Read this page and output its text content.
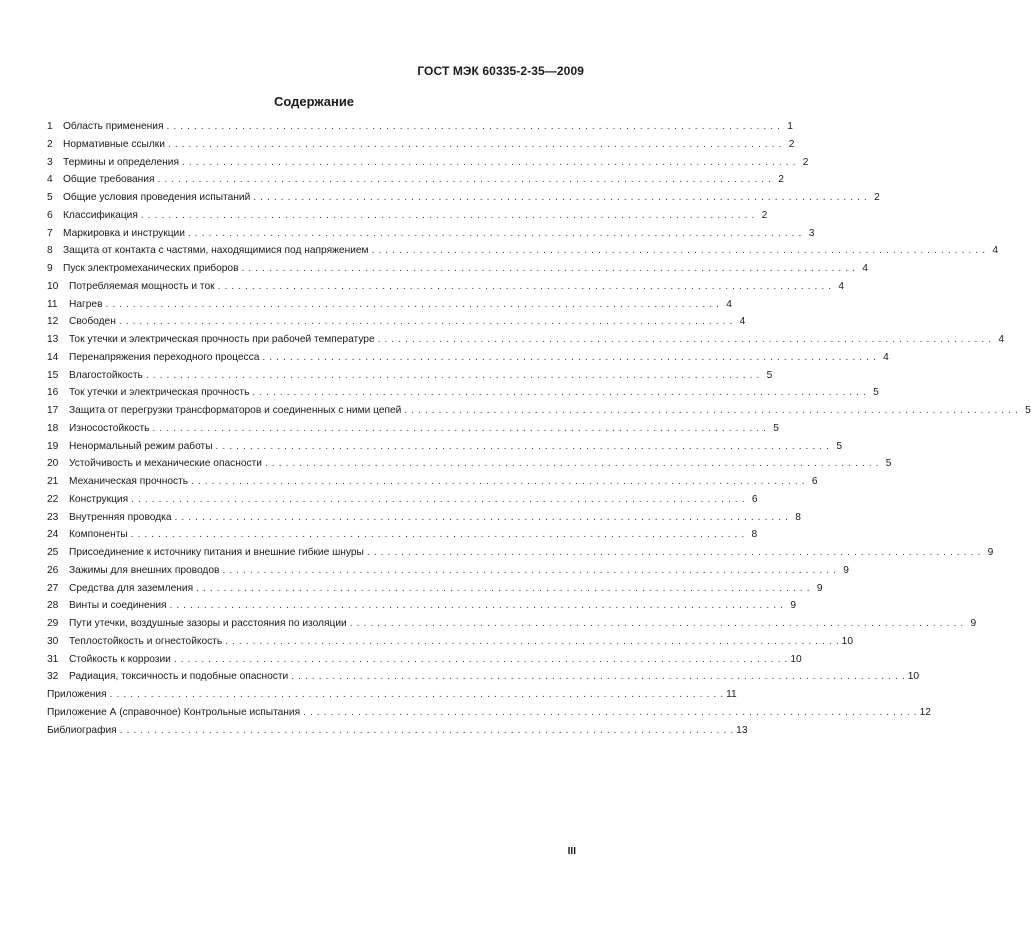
ГОСТ МЭК 60335-2-35—2009
Содержание
1	Область применения . . .	1
2	Нормативные ссылки . . .	2
3	Термины и определения . . .	2
4	Общие требования . . .	2
5	Общие условия проведения испытаний . . .	2
6	Классификация . . .	2
7	Маркировка и инструкции . . .	3
8	Защита от контакта с частями, находящимися под напряжением . . .	4
9	Пуск электромеханических приборов . . .	4
10	Потребляемая мощность и ток . . .	4
11	Нагрев . . .	4
12	Свободен . . .	4
13	Ток утечки и электрическая прочность при рабочей температуре . . .	4
14	Перенапряжения переходного процесса . . .	4
15	Влагостойкость . . .	5
16	Ток утечки и электрическая прочность . . .	5
17	Защита от перегрузки трансформаторов и соединенных с ними цепей . . .	5
18	Износостойкость . . .	5
19	Ненормальный режим работы . . .	5
20	Устойчивость и механические опасности . . .	5
21	Механическая прочность . . .	6
22	Конструкция . . .	6
23	Внутренняя проводка . . .	8
24	Компоненты . . .	8
25	Присоединение к источнику питания и внешние гибкие шнуры . . .	9
26	Зажимы для внешних проводов . . .	9
27	Средства для заземления . . .	9
28	Винты и соединения . . .	9
29	Пути утечки, воздушные зазоры и расстояния по изоляции . . .	9
30	Теплостойкость и огнестойкость . . .	10
31	Стойкость к коррозии . . .	10
32	Радиация, токсичность и подобные опасности . . .	10
Приложения . . .	11
Приложение А (справочное) Контрольные испытания . . .	12
Библиография . . .	13
III
